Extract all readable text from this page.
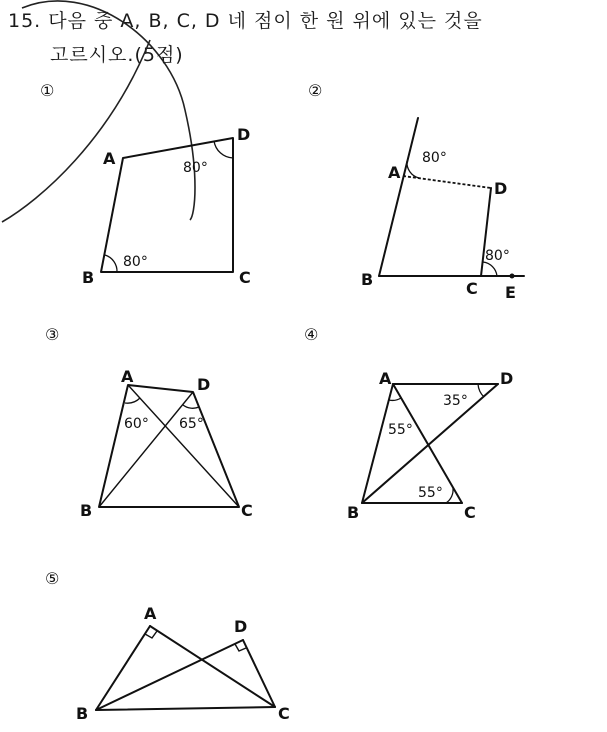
15. 다음 중 A, B, C, D 네 점이 한 원 위에 있는 것을
고르시오.(5점)
①
A
D
B	C
80°
80°
②
A
D
B	C E
80°
80°
③
A	D
B	C
60° 65°
④
A	D
B	C
55°
35°
55°
⑤
A
D
B	C
